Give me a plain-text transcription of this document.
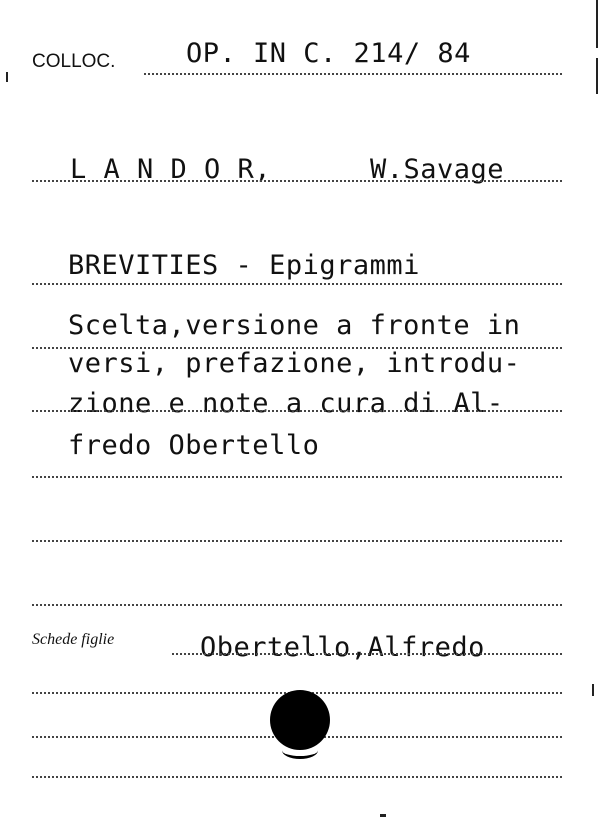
COLLOC.	OP. IN C. 214/ 84
L A N D O R,	W.Savage
BREVITIES - Epigrammi
Scelta,versione a fronte in
versi, prefazione, introdu-
zione e note a cura di Al-
fredo Obertello
Schede figlie	Obertello,Alfredo
